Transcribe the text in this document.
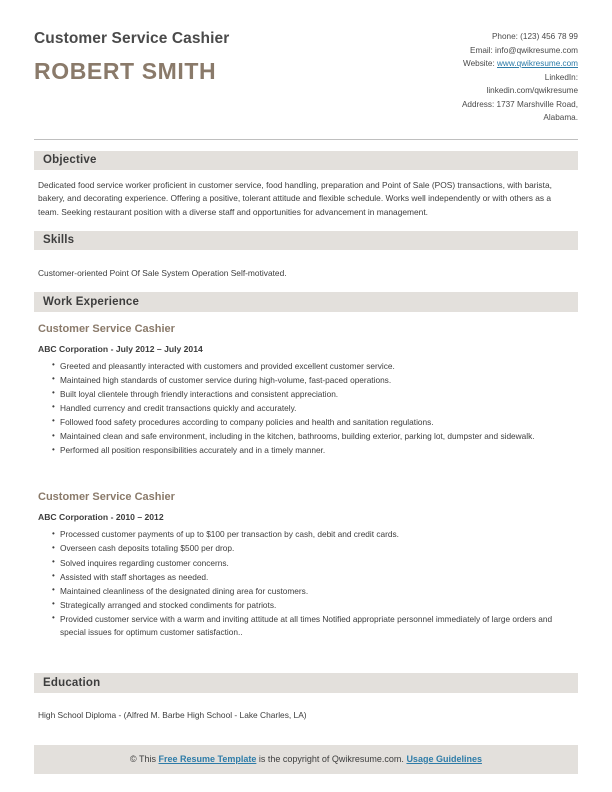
Customer Service Cashier
ROBERT SMITH
Phone: (123) 456 78 99
Email: info@qwikresume.com
Website: www.qwikresume.com
LinkedIn:
linkedin.com/qwikresume
Address: 1737 Marshville Road,
Alabama.
Objective
Dedicated food service worker proficient in customer service, food handling, preparation and Point of Sale (POS) transactions, with barista, bakery, and decorating experience. Offering a positive, tolerant attitude and flexible schedule. Works well independently or with others as a team. Seeking restaurant position with a diverse staff and opportunities for advancement in management.
Skills
Customer-oriented Point Of Sale System Operation Self-motivated.
Work Experience
Customer Service Cashier
ABC Corporation - July 2012 – July 2014
• Greeted and pleasantly interacted with customers and provided excellent customer service.
• Maintained high standards of customer service during high-volume, fast-paced operations.
• Built loyal clientele through friendly interactions and consistent appreciation.
• Handled currency and credit transactions quickly and accurately.
• Followed food safety procedures according to company policies and health and sanitation regulations.
• Maintained clean and safe environment, including in the kitchen, bathrooms, building exterior, parking lot, dumpster and sidewalk.
• Performed all position responsibilities accurately and in a timely manner.
Customer Service Cashier
ABC Corporation - 2010 – 2012
• Processed customer payments of up to $100 per transaction by cash, debit and credit cards.
• Overseen cash deposits totaling $500 per drop.
• Solved inquires regarding customer concerns.
• Assisted with staff shortages as needed.
• Maintained cleanliness of the designated dining area for customers.
• Strategically arranged and stocked condiments for patriots.
• Provided customer service with a warm and inviting attitude at all times Notified appropriate personnel immediately of large orders and special issues for optimum customer satisfaction..
Education
High School Diploma - (Alfred M. Barbe High School - Lake Charles, LA)
© This Free Resume Template is the copyright of Qwikresume.com. Usage Guidelines
